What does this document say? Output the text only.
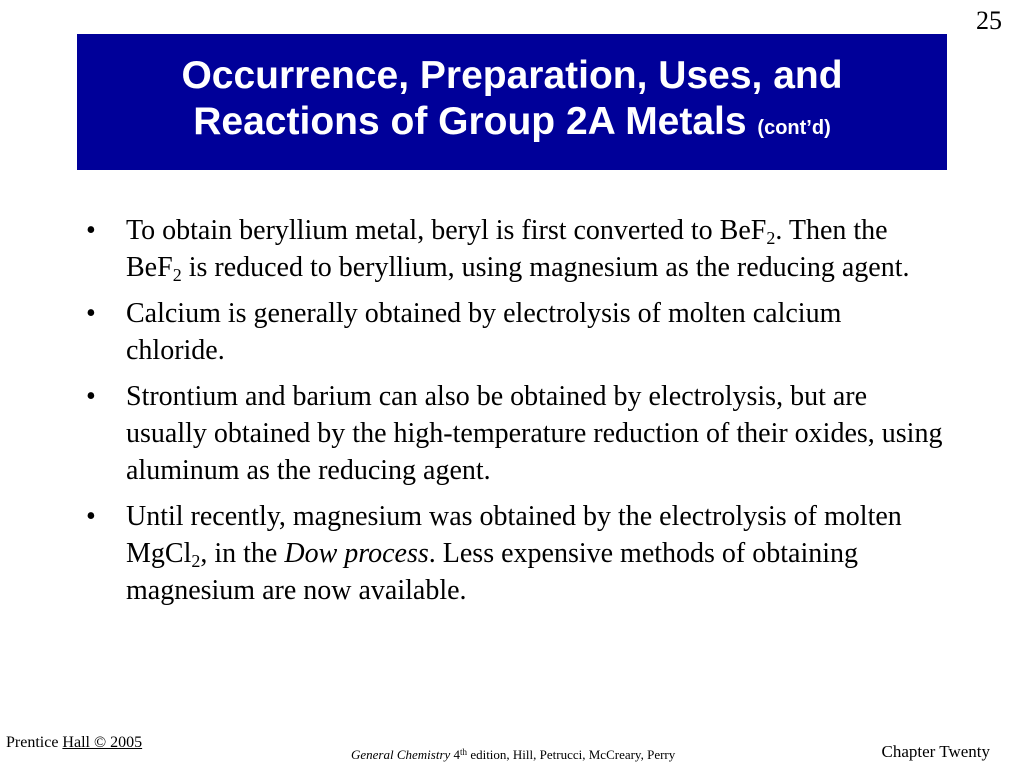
25
Occurrence, Preparation, Uses, and
Reactions of Group 2A Metals (cont’d)
• To obtain beryllium metal, beryl is first converted to BeF$_2$. Then the BeF$_2$ is reduced to beryllium, using magnesium as the reducing agent.
• Calcium is generally obtained by electrolysis of molten calcium chloride.
• Strontium and barium can also be obtained by electrolysis, but are usually obtained by the high-temperature reduction of their oxides, using aluminum as the reducing agent.
• Until recently, magnesium was obtained by the electrolysis of molten MgCl$_2$, in the Dow process. Less expensive methods of obtaining magnesium are now available.
Prentice Hall © 2005
General Chemistry 4th edition, Hill, Petrucci, McCreary, Perry	Chapter Twenty
